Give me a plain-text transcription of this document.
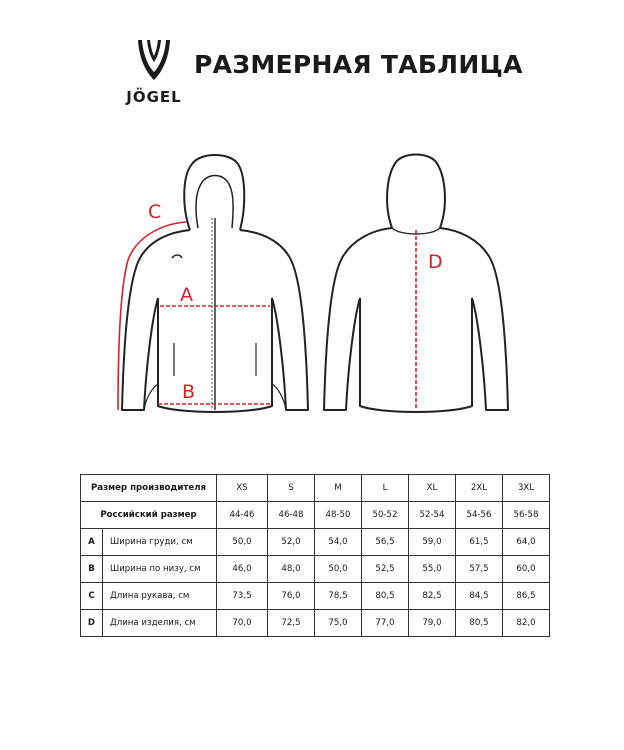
JÖGEL
РАЗМЕРНАЯ ТАБЛИЦА
C
A
B
D
Размер производителя		XS	S	M	L	XL	2XL	3XL
Российский размер		44-46	46-48	48-50	50-52	52-54	54-56	56-58
A	Ширина груди, см	50,0	52,0	54,0	56,5	59,0	61,5	64,0
B	Ширина по низу, см	46,0	48,0	50,0	52,5	55,0	57,5	60,0
C	Длина рукава, см	73,5	76,0	78,5	80,5	82,5	84,5	86,5
D	Длина изделия, см	70,0	72,5	75,0	77,0	79,0	80,5	82,0
